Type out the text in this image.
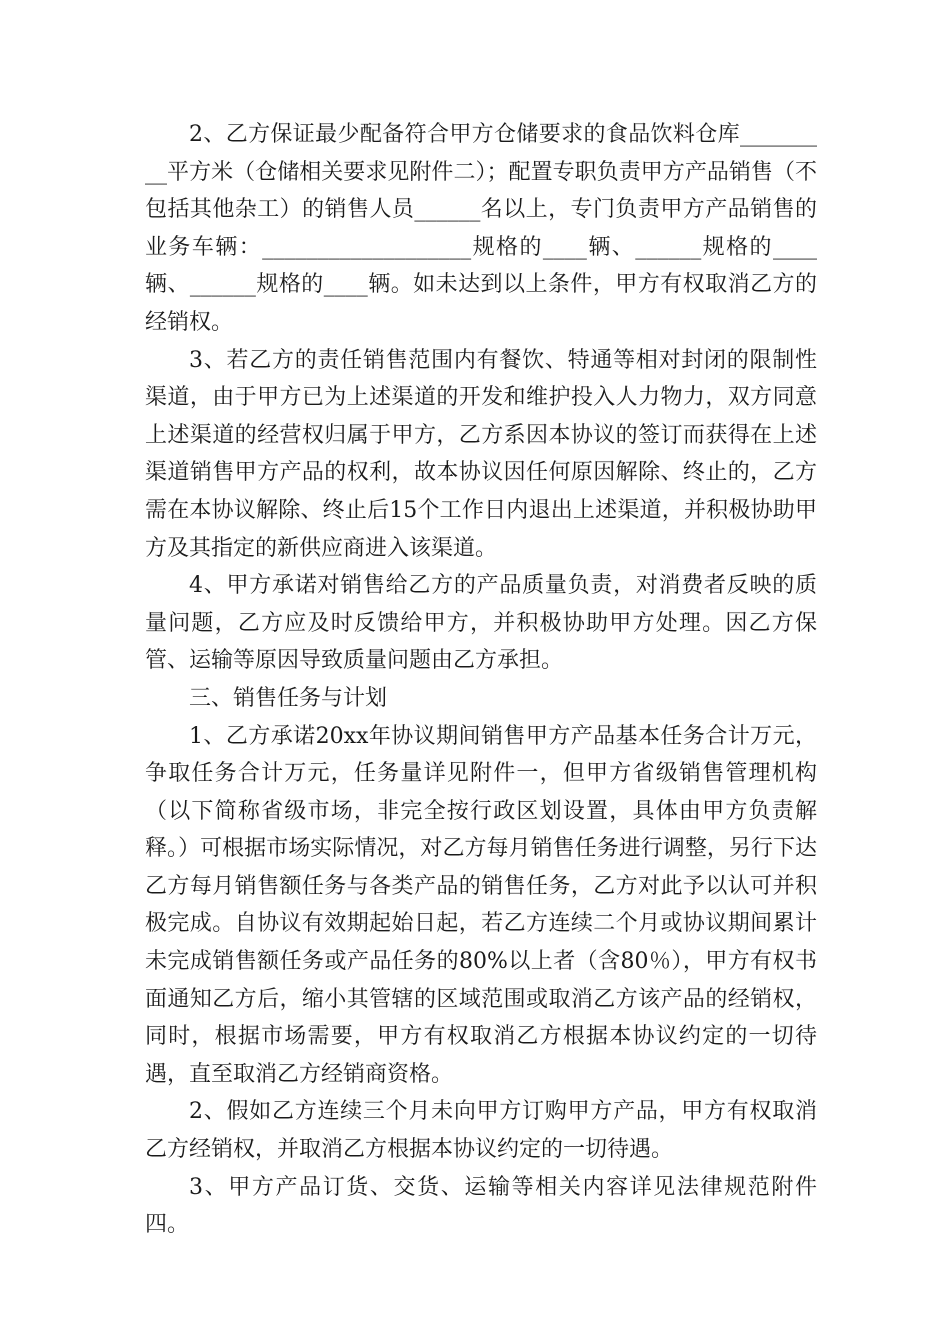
2、乙方保证最少配备符合甲方仓储要求的食品饮料仓库_________平方米（仓储相关要求见附件二）；配置专职负责甲方产品销售（不包括其他杂工）的销售人员______名以上，专门负责甲方产品销售的业务车辆：___________________规格的____辆、______规格的____辆、______规格的____辆。如未达到以上条件，甲方有权取消乙方的经销权。

3、若乙方的责任销售范围内有餐饮、特通等相对封闭的限制性渠道，由于甲方已为上述渠道的开发和维护投入人力物力，双方同意上述渠道的经营权归属于甲方，乙方系因本协议的签订而获得在上述渠道销售甲方产品的权利，故本协议因任何原因解除、终止的，乙方需在本协议解除、终止后15个工作日内退出上述渠道，并积极协助甲方及其指定的新供应商进入该渠道。

4、甲方承诺对销售给乙方的产品质量负责，对消费者反映的质量问题，乙方应及时反馈给甲方，并积极协助甲方处理。因乙方保管、运输等原因导致质量问题由乙方承担。

三、销售任务与计划

1、乙方承诺20xx年协议期间销售甲方产品基本任务合计万元，争取任务合计万元，任务量详见附件一，但甲方省级销售管理机构（以下简称省级市场，非完全按行政区划设置，具体由甲方负责解释。）可根据市场实际情况，对乙方每月销售任务进行调整，另行下达乙方每月销售额任务与各类产品的销售任务，乙方对此予以认可并积极完成。自协议有效期起始日起，若乙方连续二个月或协议期间累计未完成销售额任务或产品任务的80%以上者（含80％），甲方有权书面通知乙方后，缩小其管辖的区域范围或取消乙方该产品的经销权，同时，根据市场需要，甲方有权取消乙方根据本协议约定的一切待遇，直至取消乙方经销商资格。

2、假如乙方连续三个月未向甲方订购甲方产品，甲方有权取消乙方经销权，并取消乙方根据本协议约定的一切待遇。

3、甲方产品订货、交货、运输等相关内容详见法律规范附件四。
